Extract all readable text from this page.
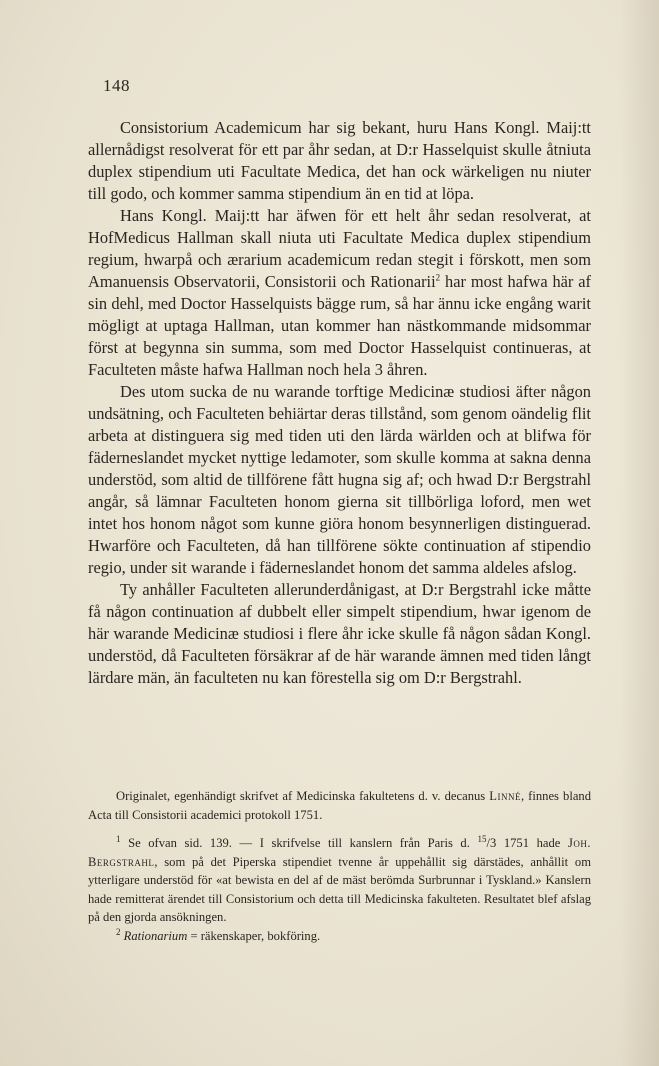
148

Consistorium Academicum har sig bekant, huru Hans Kongl. Maij:tt allernådigst resolverat för ett par åhr sedan, at D:r Hasselquist skulle åtniuta duplex stipendium uti Facultate Medica, det han ock wärkeligen nu niuter till godo, och kommer samma stipendium än en tid at löpa.

Hans Kongl. Maij:tt har äfwen för ett helt åhr sedan resolverat, at HofMedicus Hallman skall niuta uti Facultate Medica duplex stipendium regium, hwarpå och ærarium academicum redan stegit i förskott, men som Amanuensis Observatorii, Consistorii och Rationarii$^2$ har most hafwa här af sin dehl, med Doctor Hasselquists bägge rum, så har ännu icke engång warit mögligt at uptaga Hallman, utan kommer han nästkommande midsommar först at begynna sin summa, som med Doctor Hasselquist continueras, at Faculteten måste hafwa Hallman noch hela 3 åhren.

Des utom sucka de nu warande torftige Medicinæ studiosi äfter någon undsätning, och Faculteten behiärtar deras tillstånd, som genom oändelig flit arbeta at distinguera sig med tiden uti den lärda wärlden och at blifwa för fäderneslandet mycket nyttige ledamoter, som skulle komma at sakna denna understöd, som altid de tillförene fått hugna sig af; och hwad D:r Bergstrahl angår, så lämnar Faculteten honom gierna sit tillbörliga loford, men wet intet hos honom något som kunne giöra honom besynnerligen distinguerad. Hwarföre och Faculteten, då han tillförene sökte continuation af stipendio regio, under sit warande i fäderneslandet honom det samma aldeles afslog.

Ty anhåller Faculteten allerunderdånigast, at D:r Bergstrahl icke måtte få någon continuation af dubbelt eller simpelt stipendium, hwar igenom de här warande Medicinæ studiosi i flere åhr icke skulle få någon sådan Kongl. understöd, då Faculteten försäkrar af de här warande ämnen med tiden långt lärdare män, än faculteten nu kan förestella sig om D:r Bergstrahl.

Originalet, egenhändigt skrifvet af Medicinska fakultetens d. v. decanus Linné, finnes bland Acta till Consistorii academici protokoll 1751.

$^1$ Se ofvan sid. 139. — I skrifvelse till kanslern från Paris d. $^{15}$/3 1751 hade Joh. Bergstrahl, som på det Piperska stipendiet tvenne år uppehållit sig därstädes, anhållit om ytterligare understöd för «at bewista en del af de mäst berömda Surbrunnar i Tyskland.» Kanslern hade remitterat ärendet till Consistorium och detta till Medicinska fakulteten. Resultatet blef afslag på den gjorda ansökningen.

$^2$ Rationarium = räkenskaper, bokföring.
